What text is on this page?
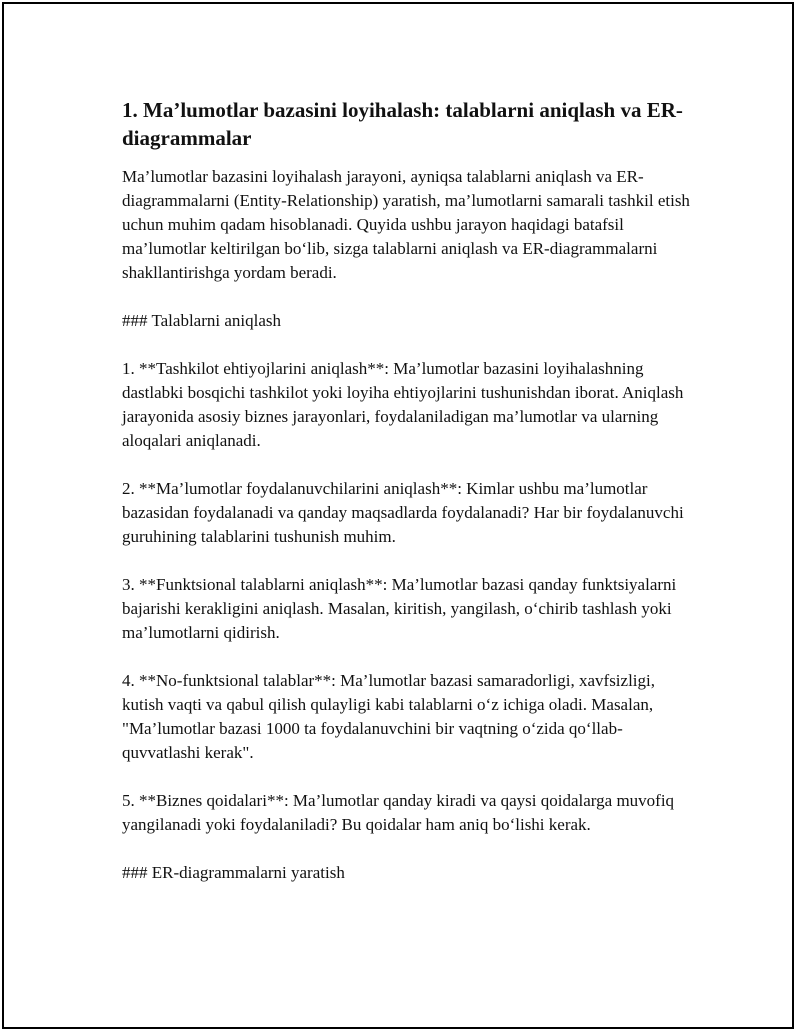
1. Ma’lumotlar bazasini loyihalash: talablarni aniqlash va ER-diagrammalar

Ma’lumotlar bazasini loyihalash jarayoni, ayniqsa talablarni aniqlash va ER-diagrammalarni (Entity-Relationship) yaratish, ma’lumotlarni samarali tashkil etish uchun muhim qadam hisoblanadi. Quyida ushbu jarayon haqidagi batafsil ma’lumotlar keltirilgan bo‘lib, sizga talablarni aniqlash va ER-diagrammalarni shakllantirishga yordam beradi.

### Talablarni aniqlash

1. **Tashkilot ehtiyojlarini aniqlash**: Ma’lumotlar bazasini loyihalashning dastlabki bosqichi tashkilot yoki loyiha ehtiyojlarini tushunishdan iborat. Aniqlash jarayonida asosiy biznes jarayonlari, foydalaniladigan ma’lumotlar va ularning aloqalari aniqlanadi.

2. **Ma’lumotlar foydalanuvchilarini aniqlash**: Kimlar ushbu ma’lumotlar bazasidan foydalanadi va qanday maqsadlarda foydalanadi? Har bir foydalanuvchi guruhining talablarini tushunish muhim.

3. **Funktsional talablarni aniqlash**: Ma’lumotlar bazasi qanday funktsiyalarni bajarishi kerakligini aniqlash. Masalan, kiritish, yangilash, o‘chirib tashlash yoki ma’lumotlarni qidirish.

4. **No-funktsional talablar**: Ma’lumotlar bazasi samaradorligi, xavfsizligi, kutish vaqti va qabul qilish qulayligi kabi talablarni o‘z ichiga oladi. Masalan, "Ma’lumotlar bazasi 1000 ta foydalanuvchini bir vaqtning o‘zida qo‘llab-quvvatlashi kerak".

5. **Biznes qoidalari**: Ma’lumotlar qanday kiradi va qaysi qoidalarga muvofiq yangilanadi yoki foydalaniladi? Bu qoidalar ham aniq bo‘lishi kerak.

### ER-diagrammalarni yaratish
